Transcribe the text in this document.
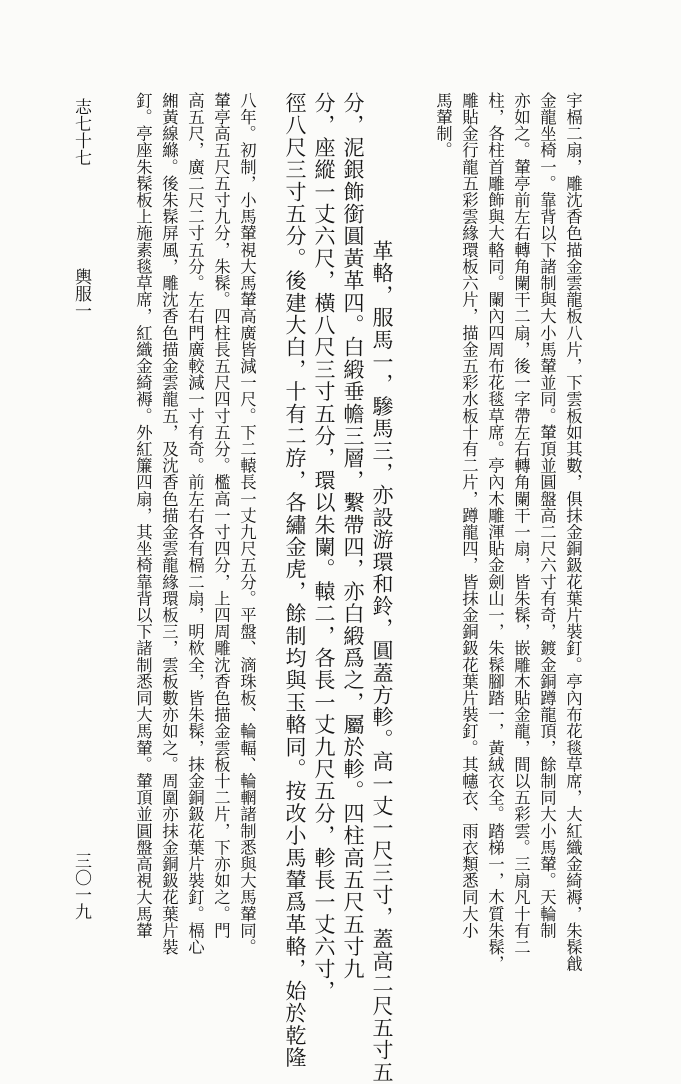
宇槅二扇，雕沈香色描金雲龍板八片，下雲板如其數，俱抹金銅鈒花葉片裝釘。亭內布花毯草席，大紅織金綺褥，朱髹戧
金龍坐椅一。靠背以下諸制與大小馬輦並同。輦頂並圓盤高二尺六寸有奇，鍍金銅蹲龍頂，餘制同大小馬輦。天輪制
亦如之。輦亭前左右轉角闌干二扇，後一字帶左右轉角闌干一扇，皆朱髹，嵌雕木貼金龍，間以五彩雲。三扇凡十有二
柱，各柱首雕飾與大輅同。闌內四周布花毯草席。亭內木雕渾貼金劍山一，朱髹腳踏一，黃絨衣全。踏梯一，木質朱髹，
雕貼金行龍五彩雲緣環板六片，描金五彩水板十有二片，蹲龍四，皆抹金銅鈒花葉片裝釘。其幰衣、雨衣類悉同大小
馬輦制。
革輅，服馬一，驂馬三，亦設游環和鈴，圓蓋方軫。高一丈一尺三寸，蓋高二尺五寸五
分，泥銀飾銜圓黃革四。白緞垂幨三層，繫帶四，亦白緞爲之，屬於軫。四柱高五尺五寸九
分，座縱一丈六尺，橫八尺三寸五分，環以朱闌。轅二，各長一丈九尺五分，軫長一丈六寸，
徑八尺三寸五分。後建大白，十有二斿，各繡金虎，餘制均與玉輅同。按改小馬輦爲革輅，始於乾隆
八年。初制，小馬輦視大馬輦高廣皆減一尺。下二轅長一丈九尺五分。平盤、滴珠板、輪輻、輪輞諸制悉與大馬輦同。
輦亭高五尺五寸九分，朱髹。四柱長五尺四寸五分。檻高一寸四分，上四周雕沈香色描金雲板十二片，下亦如之。門
高五尺，廣二尺二寸五分。左右門廣較減一寸有奇。前左右各有槅二扇，明栨全，皆朱髹，抹金銅鈒花葉片裝釘。槅心
緗黃線縧。後朱髹屏風，雕沈香色描金雲龍五，及沈香色描金雲龍緣環板三，雲板數亦如之。周圍亦抹金銅鈒花葉片裝
釘。亭座朱髹板上施素毯草席，紅織金綺褥。外紅簾四扇，其坐椅靠背以下諸制悉同大馬輦。輦頂並圓盤高視大馬輦
志七十七
輿服一
三〇一九
